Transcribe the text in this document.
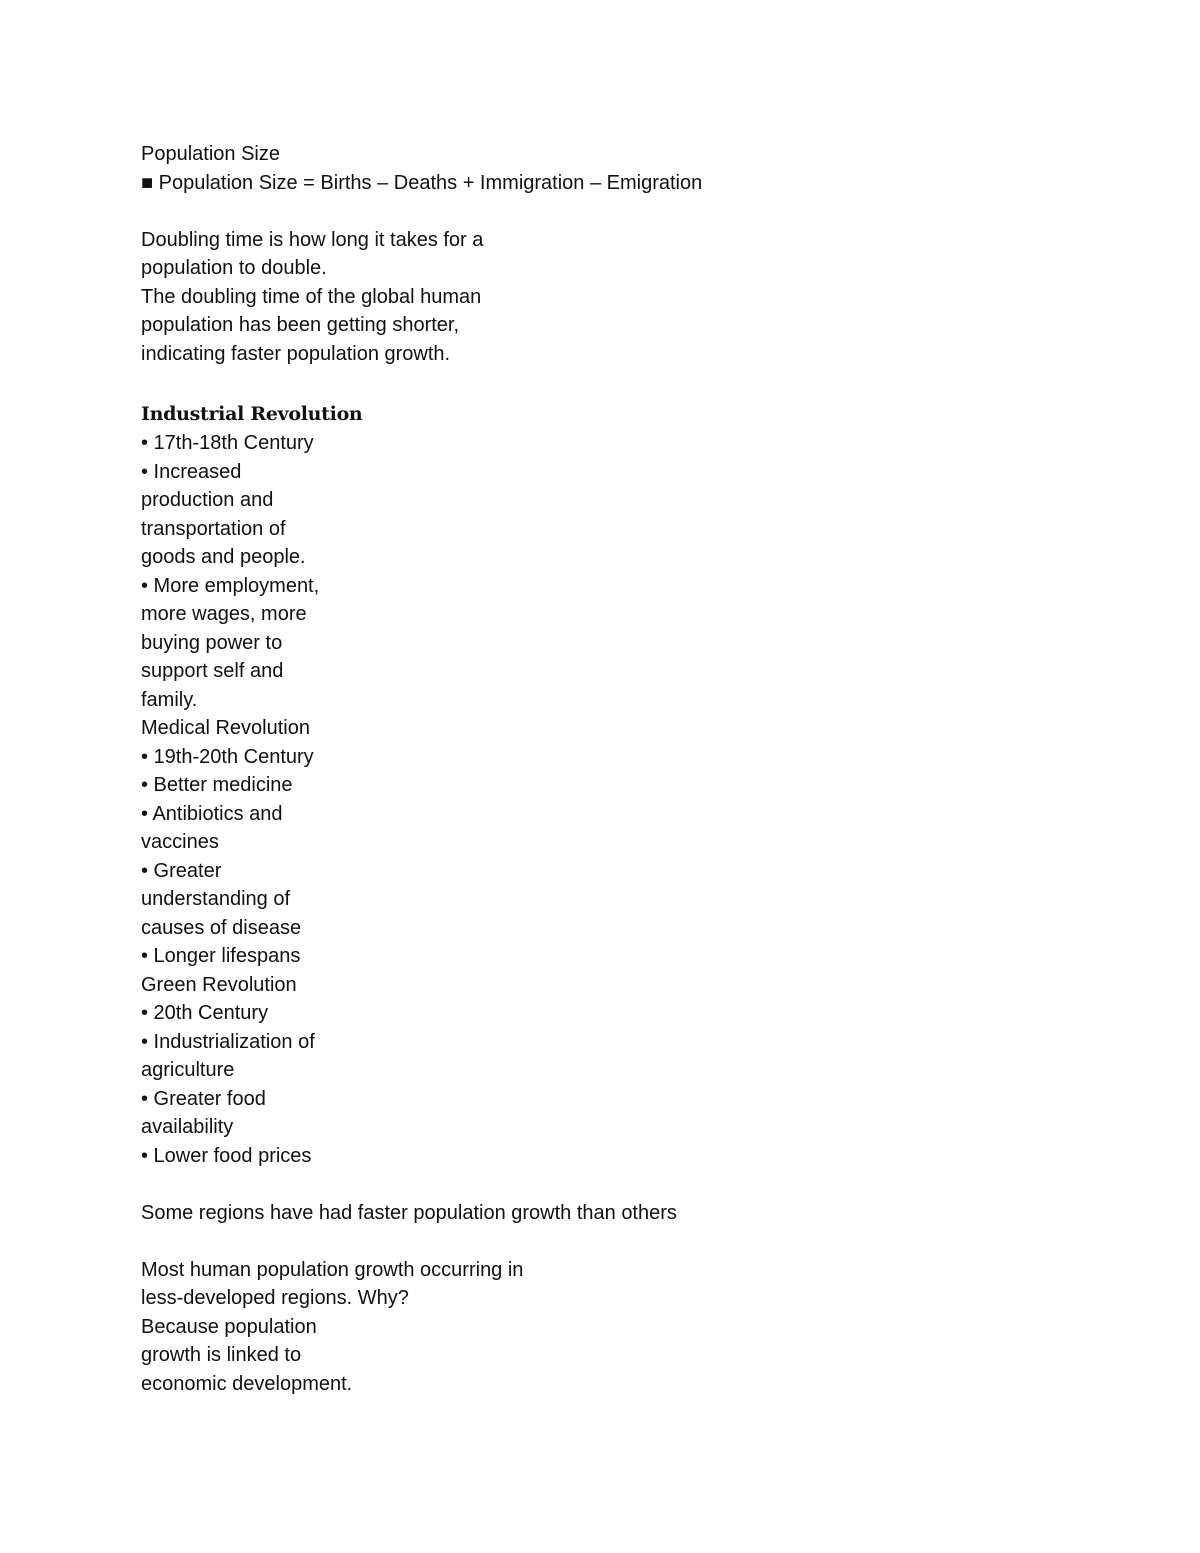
Population Size
■ Population Size = Births – Deaths + Immigration – Emigration
Doubling time is how long it takes for a
population to double.
The doubling time of the global human
population has been getting shorter,
indicating faster population growth.
Industrial Revolution
• 17th-18th Century
• Increased
production and
transportation of
goods and people.
• More employment,
more wages, more
buying power to
support self and
family.
Medical Revolution
• 19th-20th Century
• Better medicine
• Antibiotics and
vaccines
• Greater
understanding of
causes of disease
• Longer lifespans
Green Revolution
• 20th Century
• Industrialization of
agriculture
• Greater food
availability
• Lower food prices
Some regions have had faster population growth than others
Most human population growth occurring in
less-developed regions. Why?
Because population
growth is linked to
economic development.
